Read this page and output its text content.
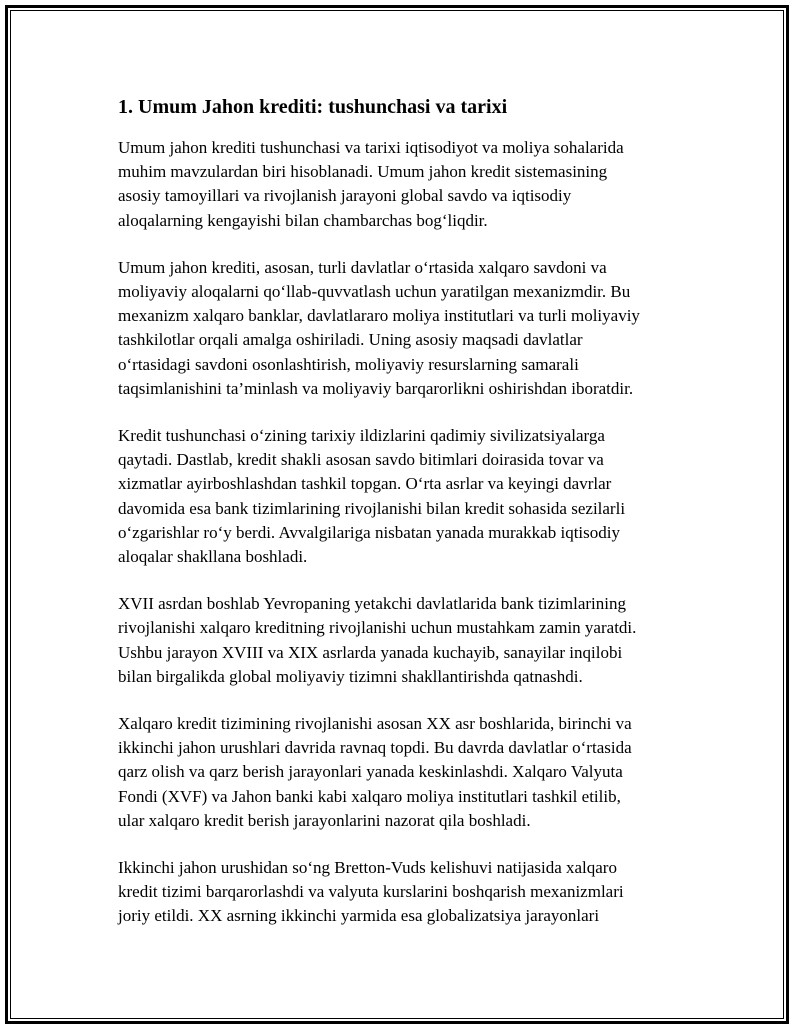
1. Umum Jahon krediti: tushunchasi va tarixi

Umum jahon krediti tushunchasi va tarixi iqtisodiyot va moliya sohalarida
muhim mavzulardan biri hisoblanadi. Umum jahon kredit sistemasining
asosiy tamoyillari va rivojlanish jarayoni global savdo va iqtisodiy
aloqalarning kengayishi bilan chambarchas bog‘liqdir.

Umum jahon krediti, asosan, turli davlatlar o‘rtasida xalqaro savdoni va
moliyaviy aloqalarni qo‘llab-quvvatlash uchun yaratilgan mexanizmdir. Bu
mexanizm xalqaro banklar, davlatlararo moliya institutlari va turli moliyaviy
tashkilotlar orqali amalga oshiriladi. Uning asosiy maqsadi davlatlar
o‘rtasidagi savdoni osonlashtirish, moliyaviy resurslarning samarali
taqsimlanishini ta’minlash va moliyaviy barqarorlikni oshirishdan iboratdir.

Kredit tushunchasi o‘zining tarixiy ildizlarini qadimiy sivilizatsiyalarga
qaytadi. Dastlab, kredit shakli asosan savdo bitimlari doirasida tovar va
xizmatlar ayirboshlashdan tashkil topgan. O‘rta asrlar va keyingi davrlar
davomida esa bank tizimlarining rivojlanishi bilan kredit sohasida sezilarli
o‘zgarishlar ro‘y berdi. Avvalgilariga nisbatan yanada murakkab iqtisodiy
aloqalar shakllana boshladi.

XVII asrdan boshlab Yevropaning yetakchi davlatlarida bank tizimlarining
rivojlanishi xalqaro kreditning rivojlanishi uchun mustahkam zamin yaratdi.
Ushbu jarayon XVIII va XIX asrlarda yanada kuchayib, sanayilar inqilobi
bilan birgalikda global moliyaviy tizimni shakllantirishda qatnashdi.

Xalqaro kredit tizimining rivojlanishi asosan XX asr boshlarida, birinchi va
ikkinchi jahon urushlari davrida ravnaq topdi. Bu davrda davlatlar o‘rtasida
qarz olish va qarz berish jarayonlari yanada keskinlashdi. Xalqaro Valyuta
Fondi (XVF) va Jahon banki kabi xalqaro moliya institutlari tashkil etilib,
ular xalqaro kredit berish jarayonlarini nazorat qila boshladi.

Ikkinchi jahon urushidan so‘ng Bretton-Vuds kelishuvi natijasida xalqaro
kredit tizimi barqarorlashdi va valyuta kurslarini boshqarish mexanizmlari
joriy etildi. XX asrning ikkinchi yarmida esa globalizatsiya jarayonlari
